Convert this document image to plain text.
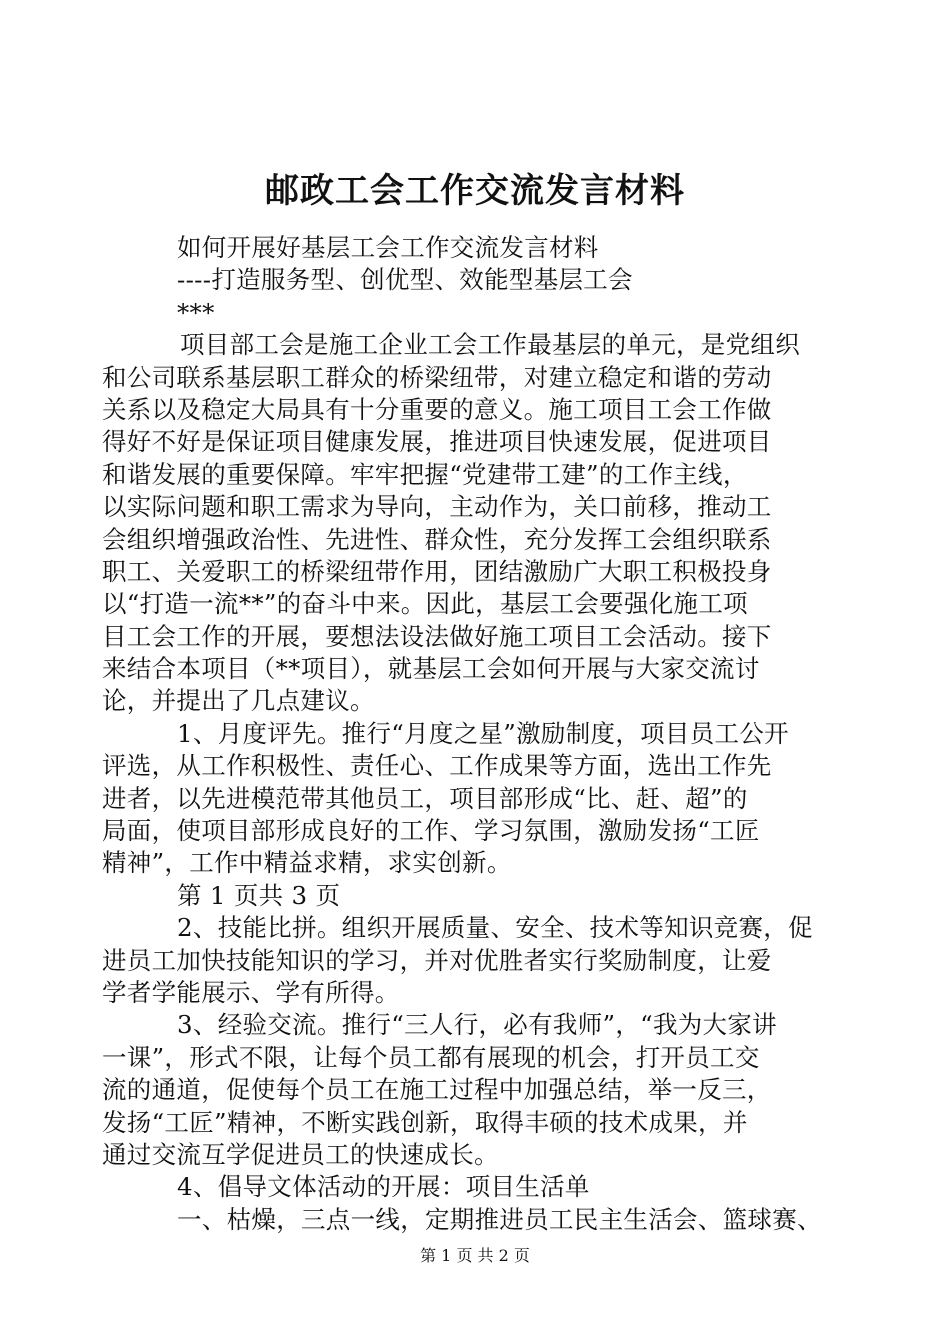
邮政工会工作交流发言材料
如何开展好基层工会工作交流发言材料
----打造服务型、创优型、效能型基层工会
***
项目部工会是施工企业工会工作最基层的单元，是党组织
和公司联系基层职工群众的桥梁纽带，对建立稳定和谐的劳动
关系以及稳定大局具有十分重要的意义。施工项目工会工作做
得好不好是保证项目健康发展，推进项目快速发展，促进项目
和谐发展的重要保障。牢牢把握“党建带工建”的工作主线，
以实际问题和职工需求为导向，主动作为，关口前移，推动工
会组织增强政治性、先进性、群众性，充分发挥工会组织联系
职工、关爱职工的桥梁纽带作用，团结激励广大职工积极投身
以“打造一流**”的奋斗中来。因此，基层工会要强化施工项
目工会工作的开展，要想法设法做好施工项目工会活动。接下
来结合本项目（**项目），就基层工会如何开展与大家交流讨
论，并提出了几点建议。
1、月度评先。推行“月度之星”激励制度，项目员工公开
评选，从工作积极性、责任心、工作成果等方面，选出工作先
进者，以先进模范带其他员工，项目部形成“比、赶、超”的
局面，使项目部形成良好的工作、学习氛围，激励发扬“工匠
精神”，工作中精益求精，求实创新。
第 1 页共 3 页
2、技能比拼。组织开展质量、安全、技术等知识竞赛，促
进员工加快技能知识的学习，并对优胜者实行奖励制度，让爱
学者学能展示、学有所得。
3、经验交流。推行“三人行，必有我师”，“我为大家讲
一课”，形式不限，让每个员工都有展现的机会，打开员工交
流的通道，促使每个员工在施工过程中加强总结，举一反三，
发扬“工匠”精神，不断实践创新，取得丰硕的技术成果，并
通过交流互学促进员工的快速成长。
4、倡导文体活动的开展：项目生活单
一、枯燥，三点一线，定期推进员工民主生活会、篮球赛、
第 1 页 共 2 页
